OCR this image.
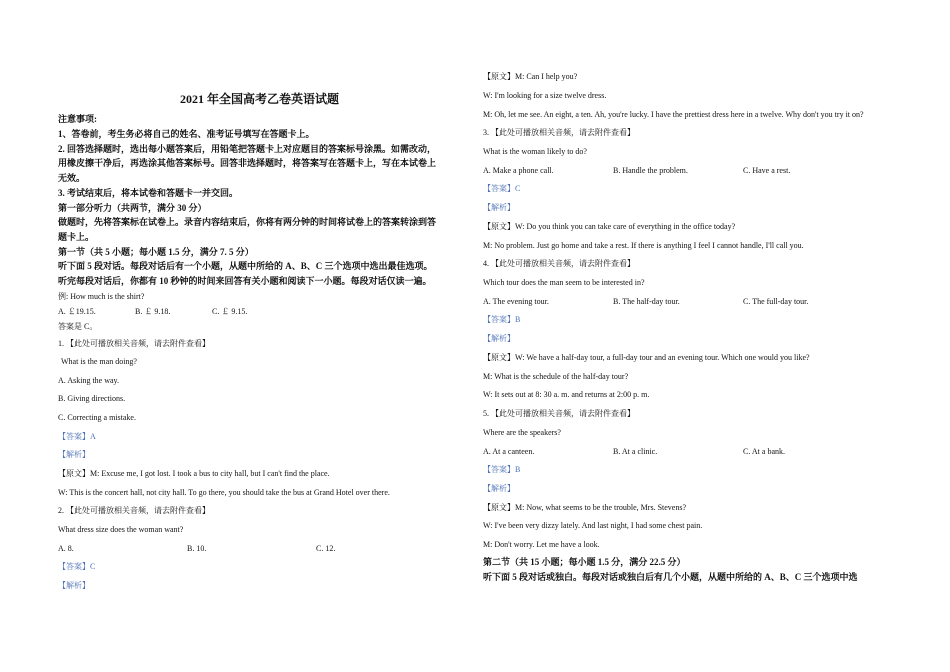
2021 年全国高考乙卷英语试题
注意事项:
1、答卷前，考生务必将自己的姓名、准考证号填写在答题卡上。
2. 回答选择题时，选出每小题答案后，用铅笔把答题卡上对应题目的答案标号涂黑。如需改动，
用橡皮擦干净后，再选涂其他答案标号。回答非选择题时，将答案写在答题卡上，写在本试卷上
无效。
3. 考试结束后，将本试卷和答题卡一并交回。
第一部分听力（共两节，满分 30 分）
做题时，先将答案标在试卷上。录音内容结束后，你将有两分钟的时间将试卷上的答案转涂到答
题卡上。
第一节（共 5 小题；每小题 1.5 分，满分 7. 5 分）
听下面 5 段对话。每段对话后有一个小题，从题中所给的 A、B、C 三个选项中选出最佳选项。
听完每段对话后，你都有 10 秒钟的时间来回答有关小题和阅读下一小题。每段对话仅读一遍。
例: How much is the shirt?
A. ￡19.15.	B. ￡ 9.18.	C. ￡ 9.15.
答案是 C。
1. 【此处可播放相关音频，请去附件查看】
What is the man doing?
A. Asking the way.
B. Giving directions.
C. Correcting a mistake.
【答案】A
【解析】
【原文】M: Excuse me, I got lost. I took a bus to city hall, but I can't find the place.
W: This is the concert hall, not city hall. To go there, you should take the bus at Grand Hotel over there.
2. 【此处可播放相关音频，请去附件查看】
What dress size does the woman want?
A. 8.	B. 10.	C. 12.
【答案】C
【解析】
【原文】M: Can I help you?
W: I'm looking for a size twelve dress.
M: Oh, let me see. An eight, a ten. Ah, you're lucky. I have the prettiest dress here in a twelve. Why don't you try it on?
3. 【此处可播放相关音频，请去附件查看】
What is the woman likely to do?
A. Make a phone call.	B. Handle the problem.	C. Have a rest.
【答案】C
【解析】
【原文】W: Do you think you can take care of everything in the office today?
M: No problem. Just go home and take a rest. If there is anything I feel I cannot handle, I'll call you.
4. 【此处可播放相关音频，请去附件查看】
Which tour does the man seem to be interested in?
A. The evening tour.	B. The half-day tour.	C. The full-day tour.
【答案】B
【解析】
【原文】W: We have a half-day tour, a full-day tour and an evening tour. Which one would you like?
M: What is the schedule of the half-day tour?
W: It sets out at 8: 30 a. m. and returns at 2:00 p. m.
5. 【此处可播放相关音频，请去附件查看】
Where are the speakers?
A. At a canteen.	B. At a clinic.	C. At a bank.
【答案】B
【解析】
【原文】M: Now, what seems to be the trouble, Mrs. Stevens?
W: I've been very dizzy lately. And last night, I had some chest pain.
M: Don't worry. Let me have a look.
第二节（共 15 小题；每小题 1.5 分，满分 22.5 分）
听下面 5 段对话或独白。每段对话或独白后有几个小题，从题中所给的 A、B、C 三个选项中选
